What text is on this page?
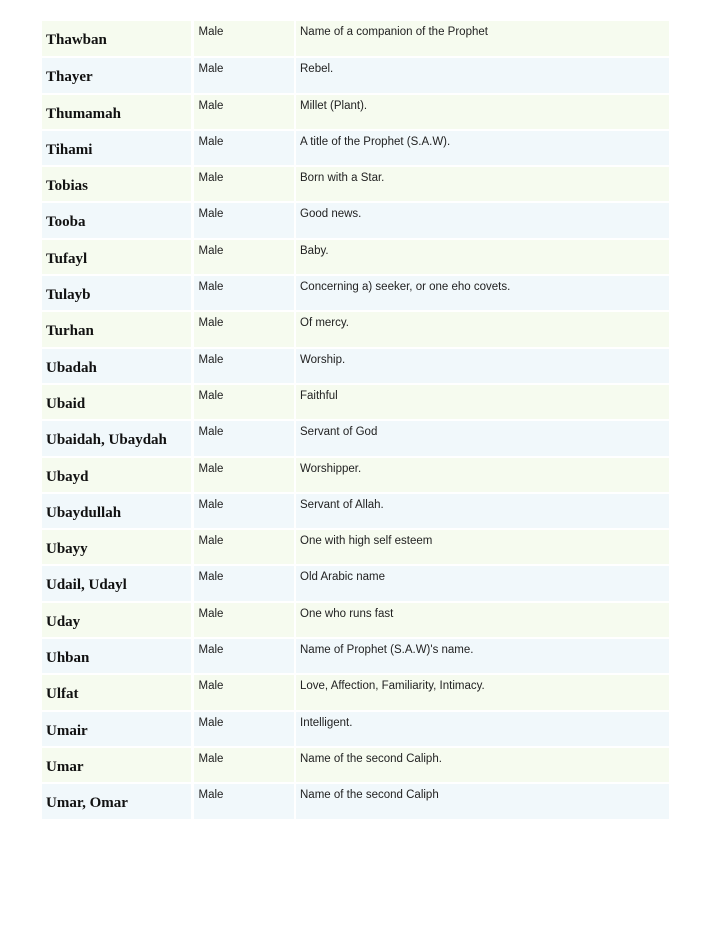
Thawban	Male	Name of a companion of the Prophet
Thayer	Male	Rebel.
Thumamah	Male	Millet (Plant).
Tihami	Male	A title of the Prophet (S.A.W).
Tobias	Male	Born with a Star.
Tooba	Male	Good news.
Tufayl	Male	Baby.
Tulayb	Male	Concerning a) seeker, or one eho covets.
Turhan	Male	Of mercy.
Ubadah	Male	Worship.
Ubaid	Male	Faithful
Ubaidah, Ubaydah	Male	Servant of God
Ubayd	Male	Worshipper.
Ubaydullah	Male	Servant of Allah.
Ubayy	Male	One with high self esteem
Udail, Udayl	Male	Old Arabic name
Uday	Male	One who runs fast
Uhban	Male	Name of Prophet (S.A.W)'s name.
Ulfat	Male	Love, Affection, Familiarity, Intimacy.
Umair	Male	Intelligent.
Umar	Male	Name of the second Caliph.
Umar, Omar	Male	Name of the second Caliph
